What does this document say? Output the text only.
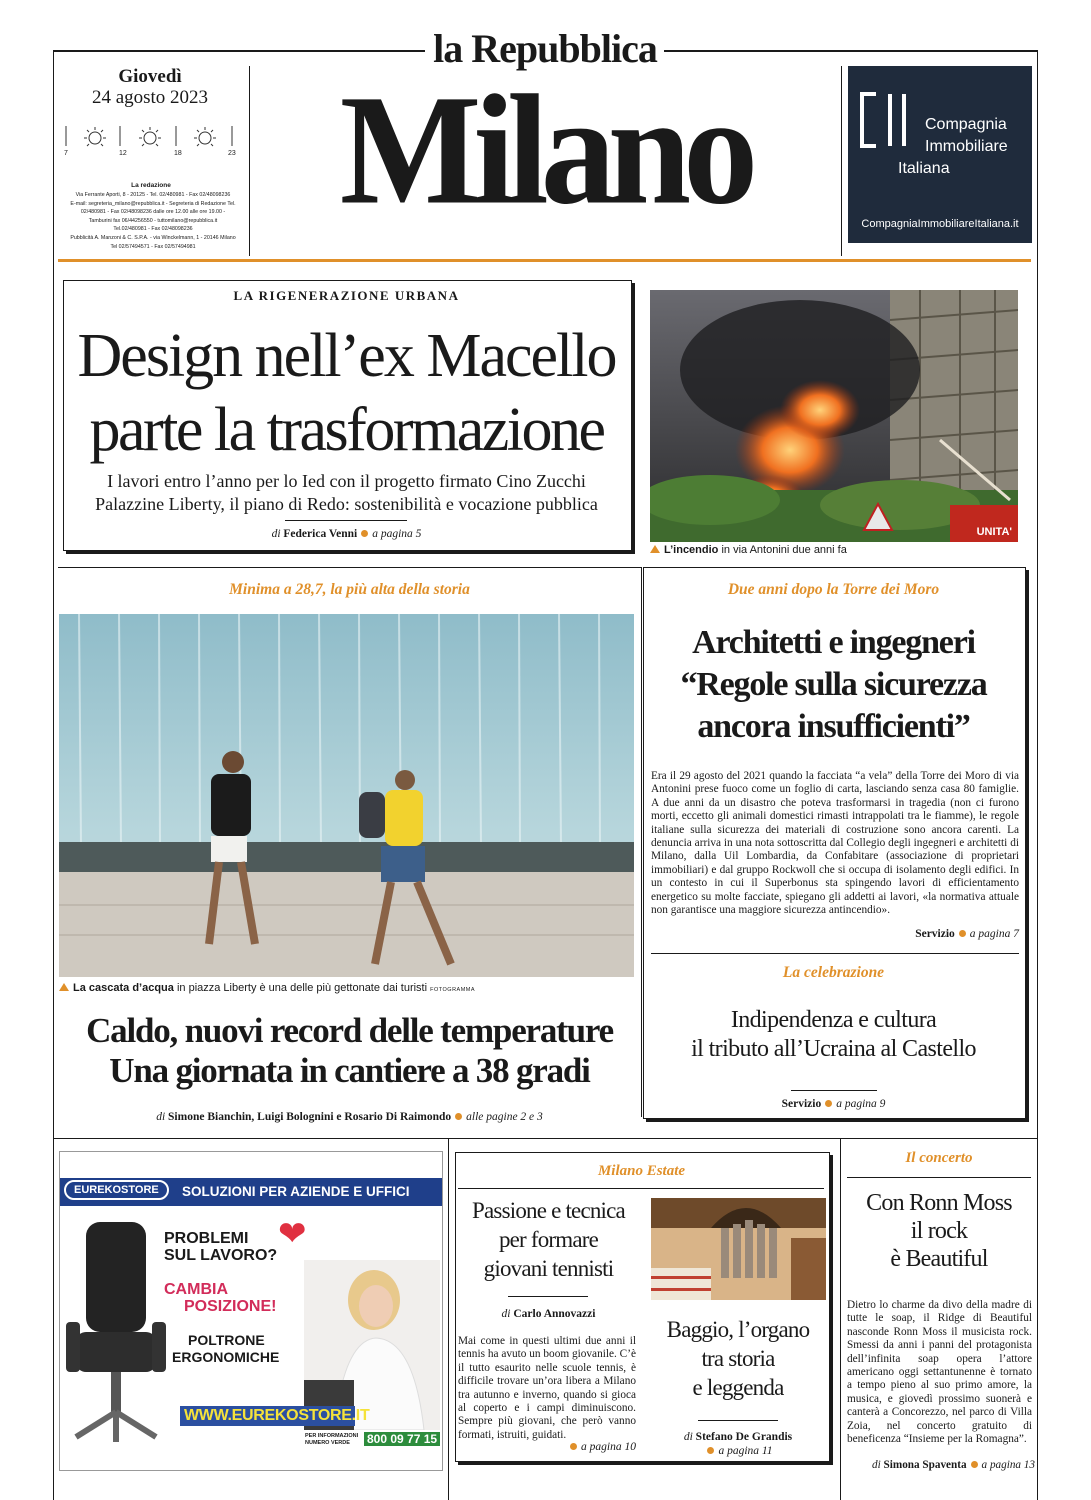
la Repubblica
Giovedì
24 agosto 2023
7	12	18	23
La redazione
Via Ferrante Aporti, 8 - 20125 - Tel. 02/480981 - Fax 02/48098236
E-mail: segreteria_milano@repubblica.it - Segreteria di Redazione Tel.
02/480981 - Fax 02/48098236 dalle ore 12.00 alle ore 19.00 -
Tamburini fax 06/44256550 - tuttomilano@repubblica.it
Tel.02/480981 - Fax 02/48098236
Pubblicità A. Manzoni & C. S.P.A. - via Winckelmann, 1 - 20146 Milano
Tel 02/57494571 - Fax 02/57494981
Milano	Compagnia
Immobiliare
Italiana
CompagniaImmobiliareItaliana.it
LA RIGENERAZIONE URBANA
Design nell’ex Macello
parte la trasformazione
I lavori entro l’anno per lo Ied con il progetto firmato Cino Zucchi
Palazzine Liberty, il piano di Redo: sostenibilità e vocazione pubblica
di Federica Venni a pagina 5	UNITA'
L’incendio in via Antonini due anni fa
Minima a 28,7, la più alta della storia
La cascata d’acqua in piazza Liberty è una delle più gettonate dai turisti FOTOGRAMMA
Caldo, nuovi record delle temperature
Una giornata in cantiere a 38 gradi
di Simone Bianchin, Luigi Bolognini e Rosario Di Raimondo alle pagine 2 e 3
Due anni dopo la Torre dei Moro
Architetti e ingegneri
“Regole sulla sicurezza
ancora insufficienti”
Era il 29 agosto del 2021 quando la facciata “a vela” della Torre dei Moro di via Antonini prese fuoco come un foglio di carta, lasciando senza casa 80 famiglie. A due anni da un disastro che poteva trasformarsi in tragedia (non ci furono morti, eccetto gli animali domestici rimasti intrappolati tra le fiamme), le regole italiane sulla sicurezza dei materiali di costruzione sono ancora carenti. La denuncia arriva in una nota sottoscritta dal Collegio degli ingegneri e architetti di Milano, dalla Uil Lombardia, da Confabitare (associazione di proprietari immobiliari) e dal gruppo Rockwoll che si occupa di isolamento degli edifici. In un contesto in cui il Superbonus sta spingendo lavori di efficientamento energetico su molte facciate, spiegano gli addetti ai lavori, «la normativa attuale non garantisce una maggiore sicurezza antincendio».
Servizio a pagina 7
La celebrazione
Indipendenza e cultura
il tributo all’Ucraina al Castello
Servizio a pagina 9
EUREKOSTORE	SOLUZIONI PER AZIENDE E UFFICI
PROBLEMI
SUL LAVORO?
❤
CAMBIA
POSIZIONE!
POLTRONE
ERGONOMICHE
WWW.EUREKOSTORE.IT
PER INFORMAZIONI
NUMERO VERDE 800 09 77 15
Milano Estate
Passione e tecnica
per formare
giovani tennisti
di Carlo Annovazzi
Mai come in questi ultimi due anni il tennis ha avuto un boom giovanile. C’è il tutto esaurito nelle scuole tennis, è difficile trovare un’ora libera a Milano tra autunno e inverno, quando si gioca al coperto e i campi diminuiscono. Sempre più giovani, che però vanno formati, istruiti, guidati.
a pagina 10
Baggio, l’organo
tra storia
e leggenda
di Stefano De Grandis
a pagina 11
Il concerto
Con Ronn Moss
il rock
è Beautiful
Dietro lo charme da divo della madre di tutte le soap, il Ridge di Beautiful nasconde Ronn Moss il musicista rock. Smessi da anni i panni del protagonista dell’infinita soap opera l’attore americano oggi settantunenne è tornato a tempo pieno al suo primo amore, la musica, e giovedì prossimo suonerà e canterà a Concorezzo, nel parco di Villa Zoia, nel concerto gratuito di beneficenza “Insieme per la Romagna”.
di Simona Spaventa a pagina 13
